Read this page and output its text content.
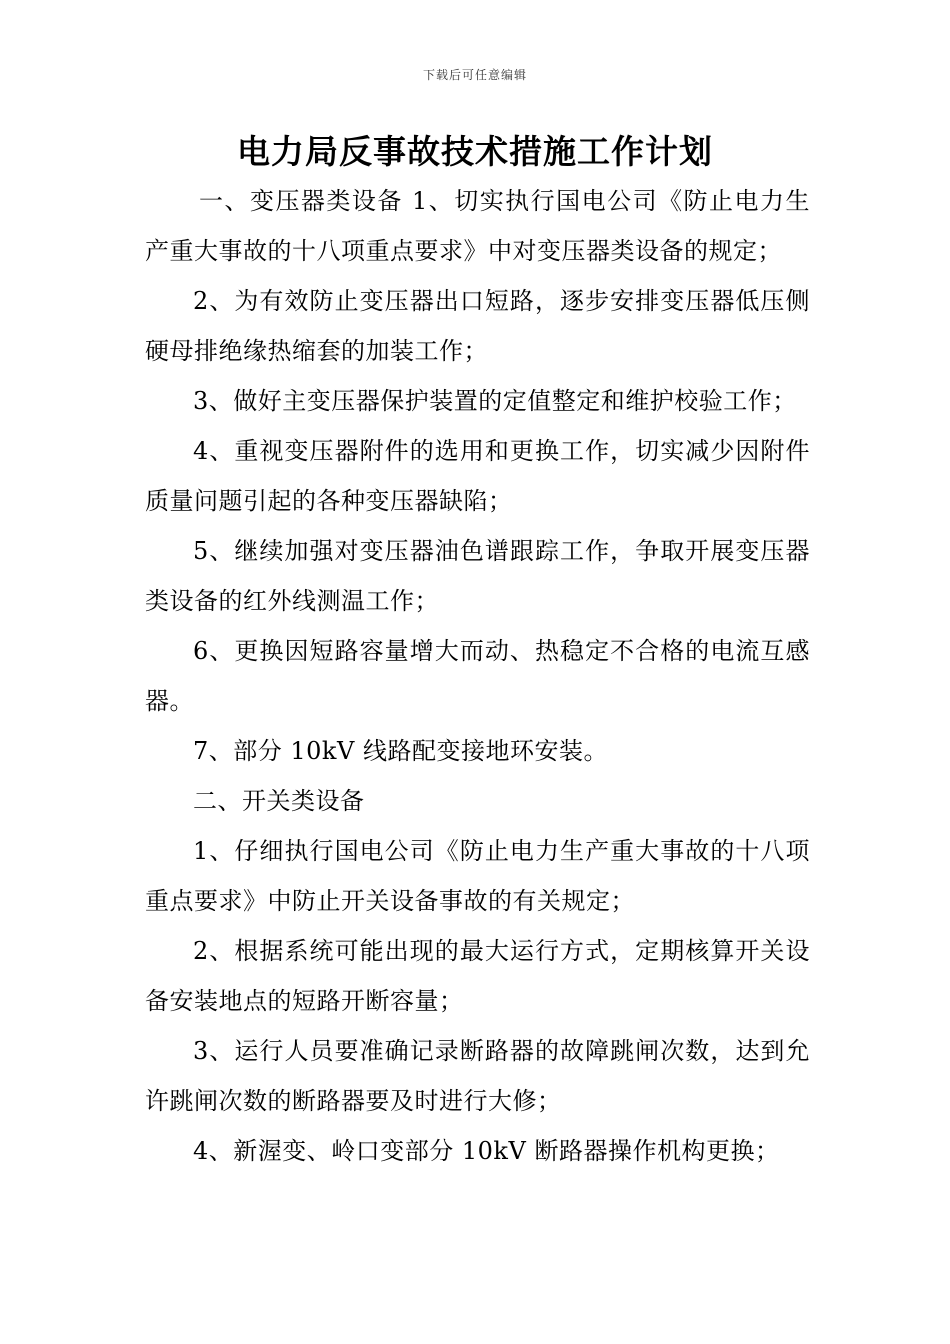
下载后可任意编辑
电力局反事故技术措施工作计划

一、变压器类设备 1、切实执行国电公司《防止电力生产重大事故的十八项重点要求》中对变压器类设备的规定；

2、为有效防止变压器出口短路，逐步安排变压器低压侧硬母排绝缘热缩套的加装工作；

3、做好主变压器保护装置的定值整定和维护校验工作；

4、重视变压器附件的选用和更换工作，切实减少因附件质量问题引起的各种变压器缺陷；

5、继续加强对变压器油色谱跟踪工作，争取开展变压器类设备的红外线测温工作；

6、更换因短路容量增大而动、热稳定不合格的电流互感器。

7、部分 10kV 线路配变接地环安装。

二、开关类设备

1、仔细执行国电公司《防止电力生产重大事故的十八项重点要求》中防止开关设备事故的有关规定；

2、根据系统可能出现的最大运行方式，定期核算开关设备安装地点的短路开断容量；

3、运行人员要准确记录断路器的故障跳闸次数，达到允许跳闸次数的断路器要及时进行大修；

4、新渥变、岭口变部分 10kV 断路器操作机构更换；
